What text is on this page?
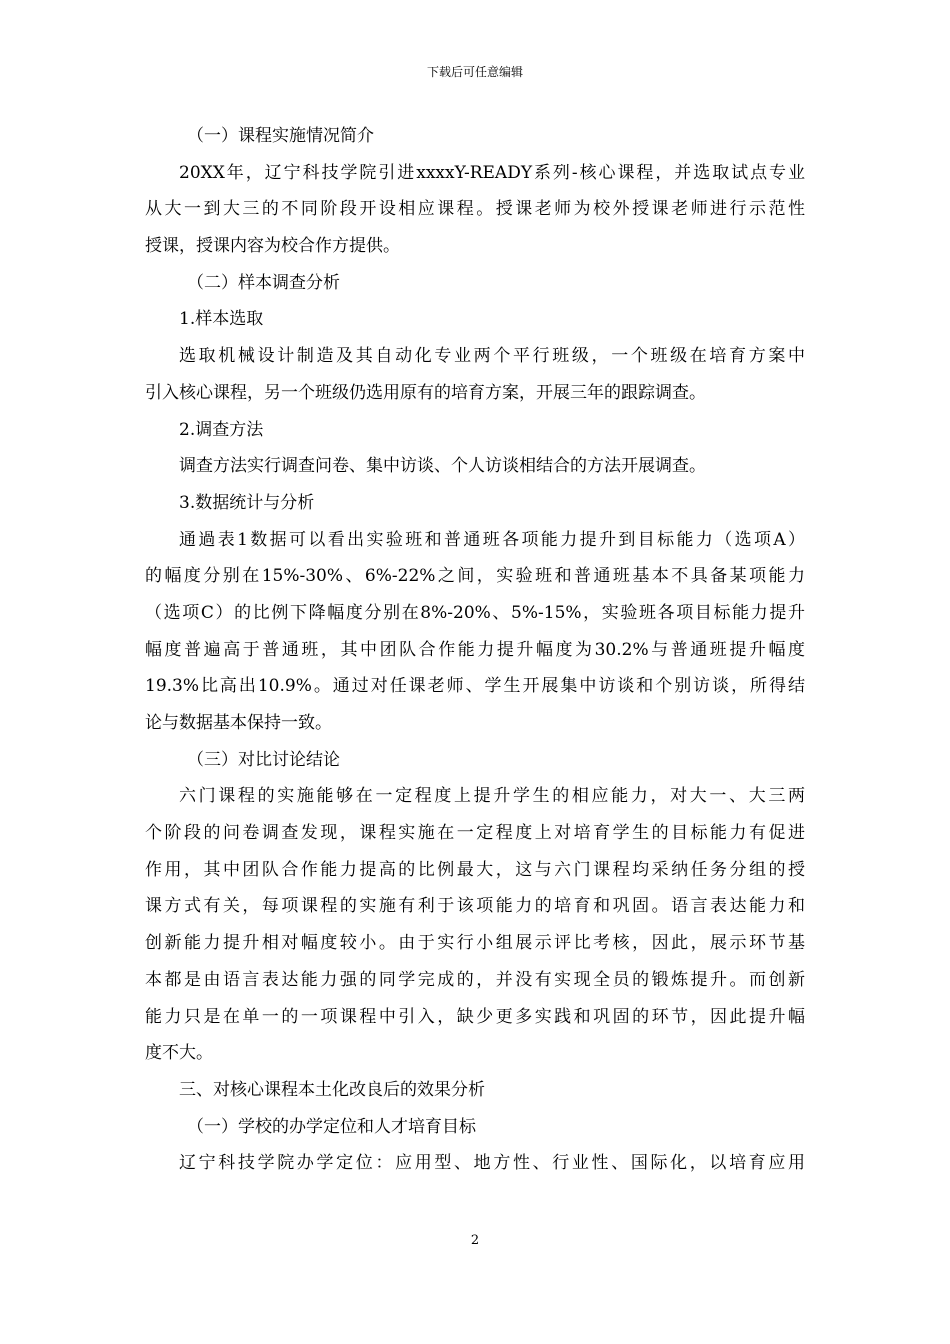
下载后可任意编辑
（一）课程实施情况简介
20XX年，辽宁科技学院引进xxxxY-READY系列-核心课程，并选取试点专业
从大一到大三的不同阶段开设相应课程。授课老师为校外授课老师进行示范性
授课，授课内容为校合作方提供。
（二）样本调查分析
1.样本选取
选取机械设计制造及其自动化专业两个平行班级，一个班级在培育方案中
引入核心课程，另一个班级仍选用原有的培育方案，开展三年的跟踪调查。
2.调查方法
调查方法实行调查问卷、集中访谈、个人访谈相结合的方法开展调查。
3.数据统计与分析
通過表1数据可以看出实验班和普通班各项能力提升到目标能力（选项A）
的幅度分别在15%-30%、6%-22%之间，实验班和普通班基本不具备某项能力
（选项C）的比例下降幅度分别在8%-20%、5%-15%，实验班各项目标能力提升
幅度普遍高于普通班，其中团队合作能力提升幅度为30.2%与普通班提升幅度
19.3%比高出10.9%。通过对任课老师、学生开展集中访谈和个别访谈，所得结
论与数据基本保持一致。
（三）对比讨论结论
六门课程的实施能够在一定程度上提升学生的相应能力，对大一、大三两
个阶段的问卷调查发现，课程实施在一定程度上对培育学生的目标能力有促进
作用，其中团队合作能力提高的比例最大，这与六门课程均采纳任务分组的授
课方式有关，每项课程的实施有利于该项能力的培育和巩固。语言表达能力和
创新能力提升相对幅度较小。由于实行小组展示评比考核，因此，展示环节基
本都是由语言表达能力强的同学完成的，并没有实现全员的锻炼提升。而创新
能力只是在单一的一项课程中引入，缺少更多实践和巩固的环节，因此提升幅
度不大。
三、对核心课程本土化改良后的效果分析
（一）学校的办学定位和人才培育目标
辽宁科技学院办学定位：应用型、地方性、行业性、国际化，以培育应用
2
